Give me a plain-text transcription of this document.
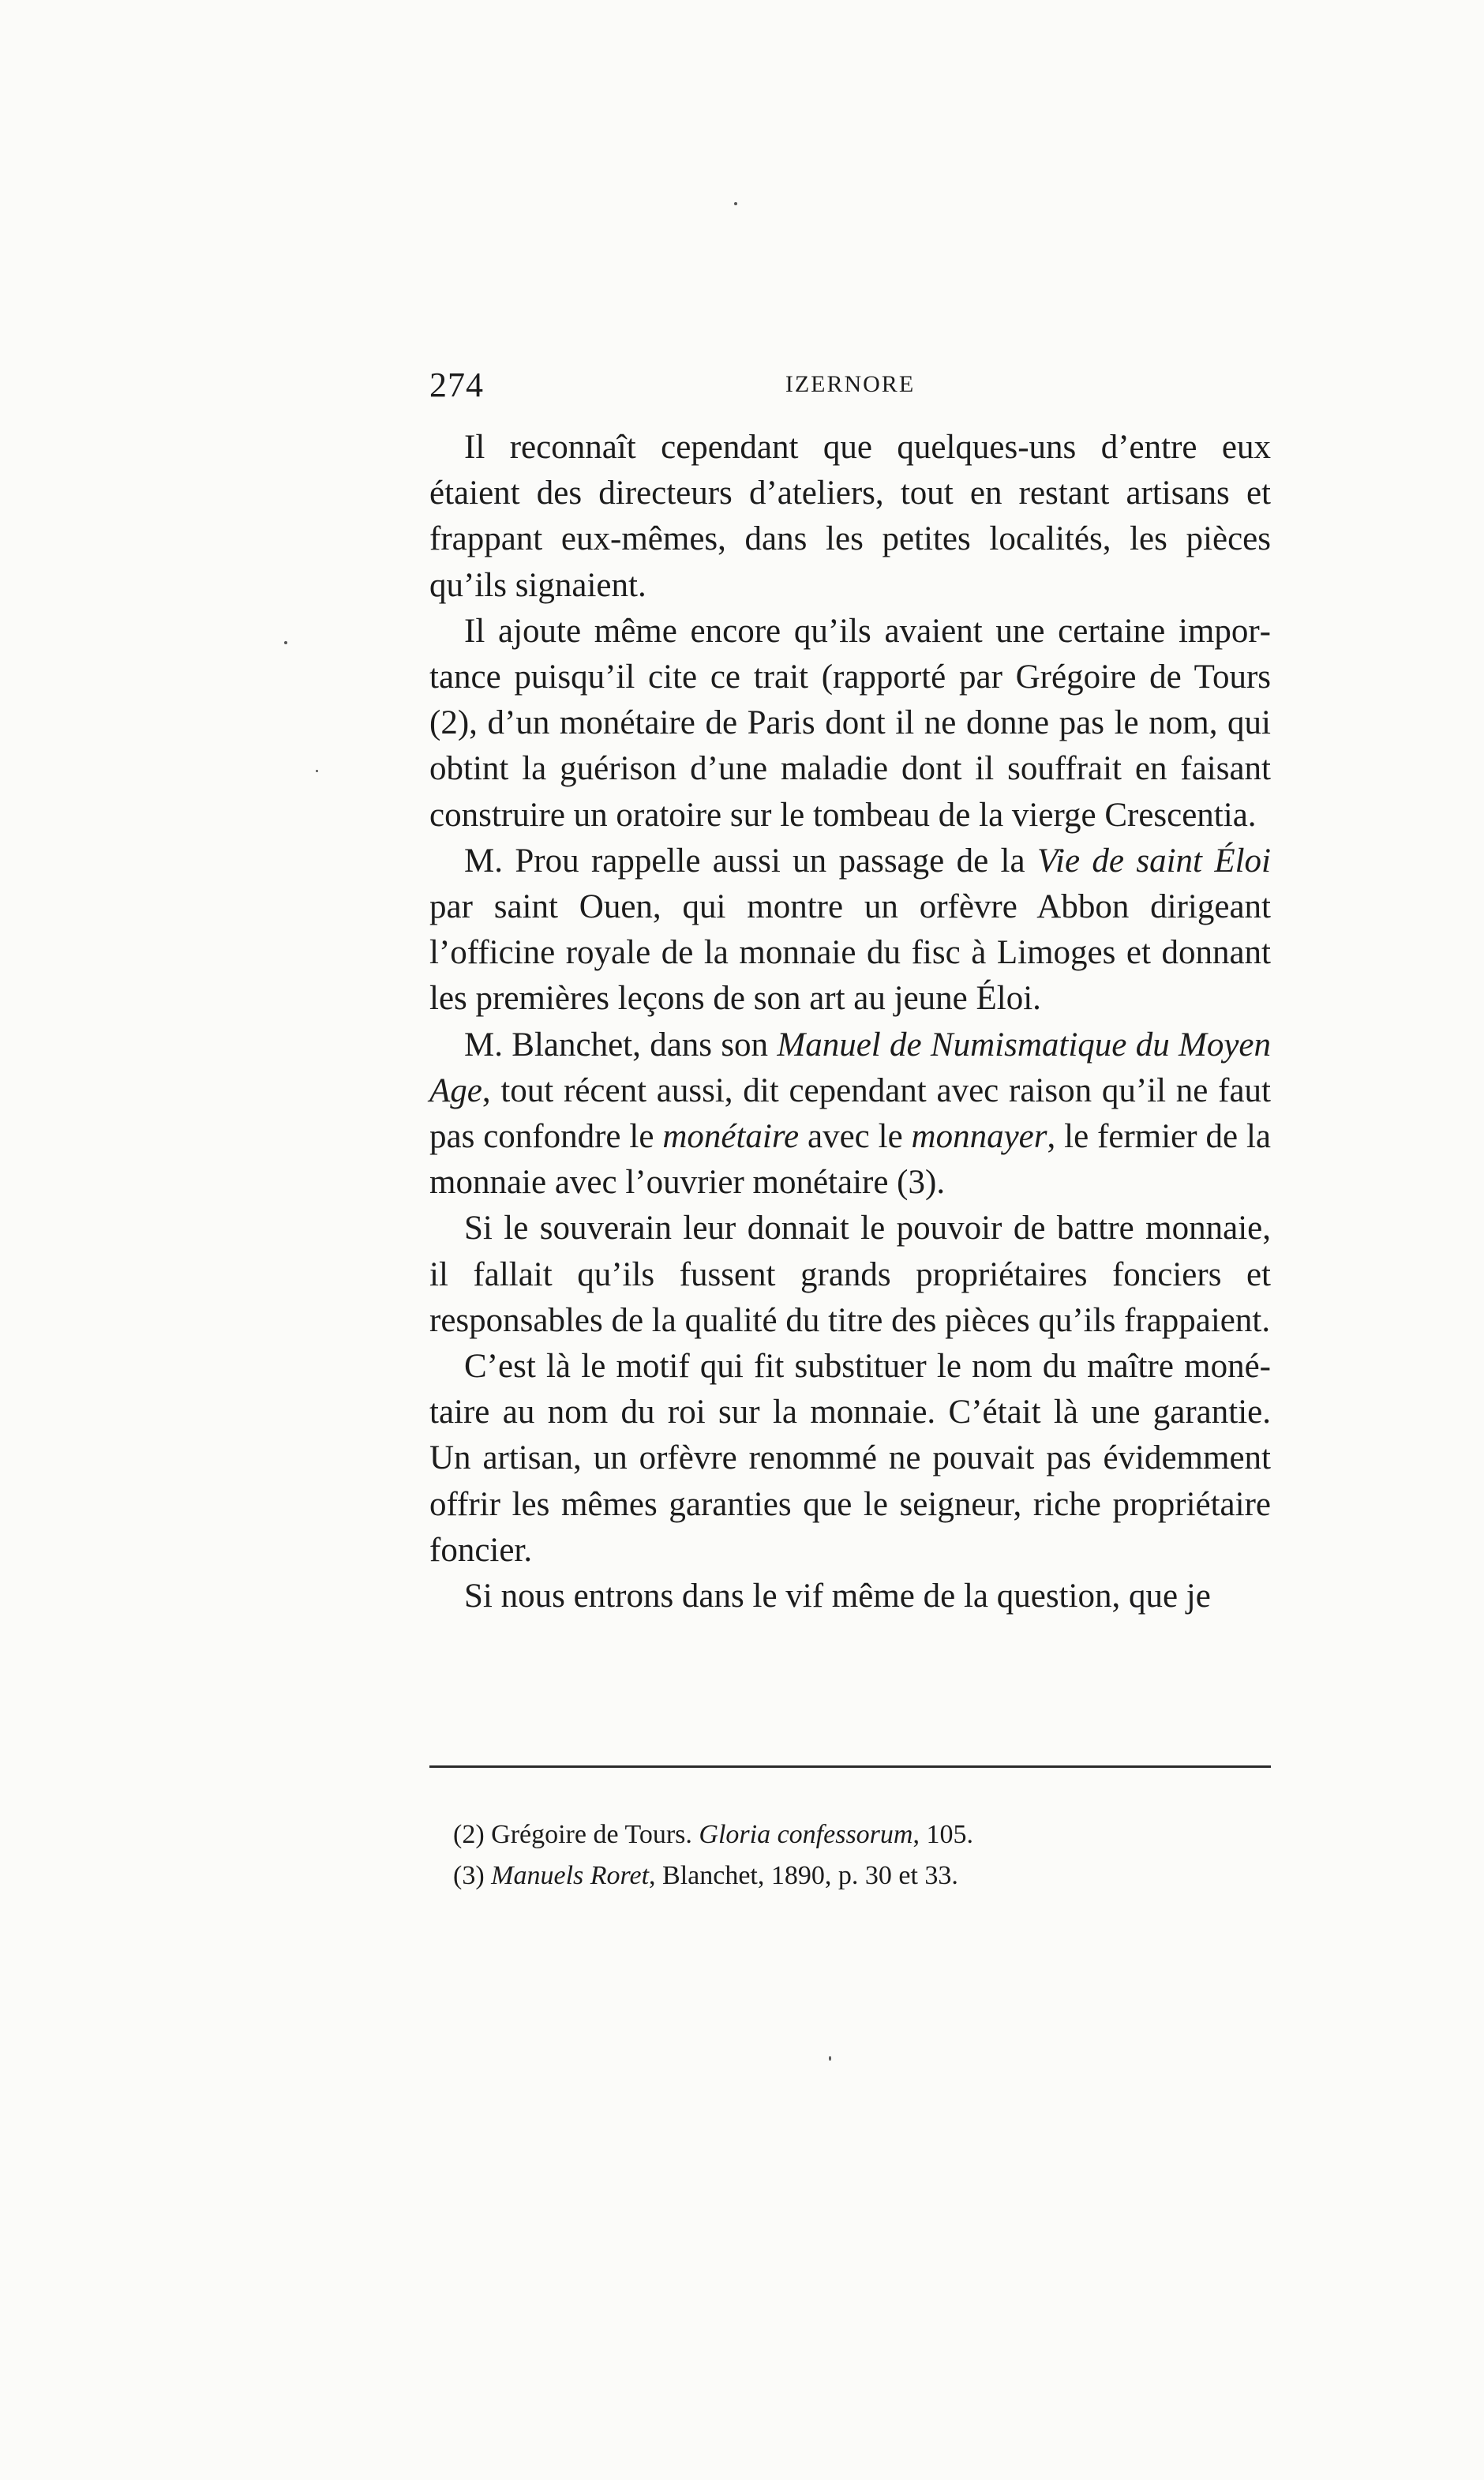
274	IZERNORE

Il reconnaît cependant que quelques-uns d’entre eux étaient des directeurs d’ateliers, tout en restant artisans et frappant eux-mêmes, dans les petites localités, les pièces qu’ils signaient.

Il ajoute même encore qu’ils avaient une certaine importance puisqu’il cite ce trait (rapporté par Grégoire de Tours (2), d’un monétaire de Paris dont il ne donne pas le nom, qui obtint la guérison d’une maladie dont il souffrait en faisant construire un oratoire sur le tombeau de la vierge Crescentia.

M. Prou rappelle aussi un passage de la Vie de saint Éloi par saint Ouen, qui montre un orfèvre Abbon dirigeant l’officine royale de la monnaie du fisc à Limoges et donnant les premières leçons de son art au jeune Éloi.

M. Blanchet, dans son Manuel de Numismatique du Moyen Age, tout récent aussi, dit cependant avec raison qu’il ne faut pas confondre le monétaire avec le monnayer, le fermier de la monnaie avec l’ouvrier monétaire (3).

Si le souverain leur donnait le pouvoir de battre monnaie, il fallait qu’ils fussent grands propriétaires fonciers et responsables de la qualité du titre des pièces qu’ils frappaient.

C’est là le motif qui fit substituer le nom du maître monétaire au nom du roi sur la monnaie. C’était là une garantie. Un artisan, un orfèvre renommé ne pouvait pas évidemment offrir les mêmes garanties que le seigneur, riche propriétaire foncier.

Si nous entrons dans le vif même de la question, que je

(2) Grégoire de Tours. Gloria confessorum, 105.

(3) Manuels Roret, Blanchet, 1890, p. 30 et 33.
